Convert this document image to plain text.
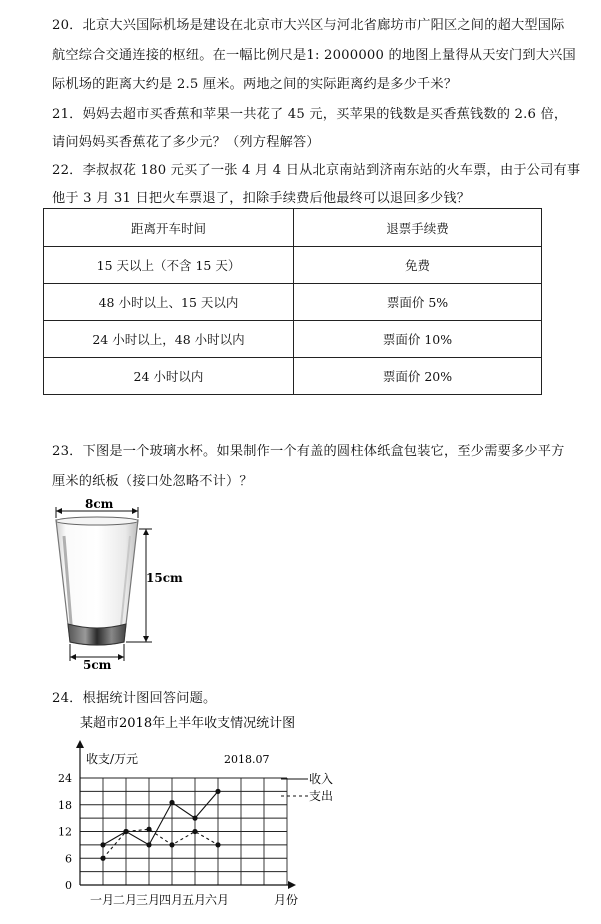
20．北京大兴国际机场是建设在北京市大兴区与河北省廊坊市广阳区之间的超大型国际
航空综合交通连接的枢纽。在一幅比例尺是1: 2000000 的地图上量得从天安门到大兴国
际机场的距离大约是 2.5 厘米。两地之间的实际距离约是多少千米？
21．妈妈去超市买香蕉和苹果一共花了 45 元，买苹果的钱数是买香蕉钱数的 2.6 倍，
请问妈妈买香蕉花了多少元？（列方程解答）
22．李叔叔花 180 元买了一张 4 月 4 日从北京南站到济南东站的火车票，由于公司有事
他于 3 月 31 日把火车票退了，扣除手续费后他最终可以退回多少钱？
距离开车时间	退票手续费
15 天以上（不含 15 天）	免费
48 小时以上、15 天以内	票面价 5%
24 小时以上，48 小时以内	票面价 10%
24 小时以内	票面价 20%
23．下图是一个玻璃水杯。如果制作一个有盖的圆柱体纸盒包装它，至少需要多少平方
厘米的纸板（接口处忽略不计）？
8cm
15cm
5cm
24．根据统计图回答问题。
某超市2018年上半年收支情况统计图
0
6
12
18
24
一月
二月
三月
四月
五月
六月
收支/万元	2018.07
月份
收入
支出
